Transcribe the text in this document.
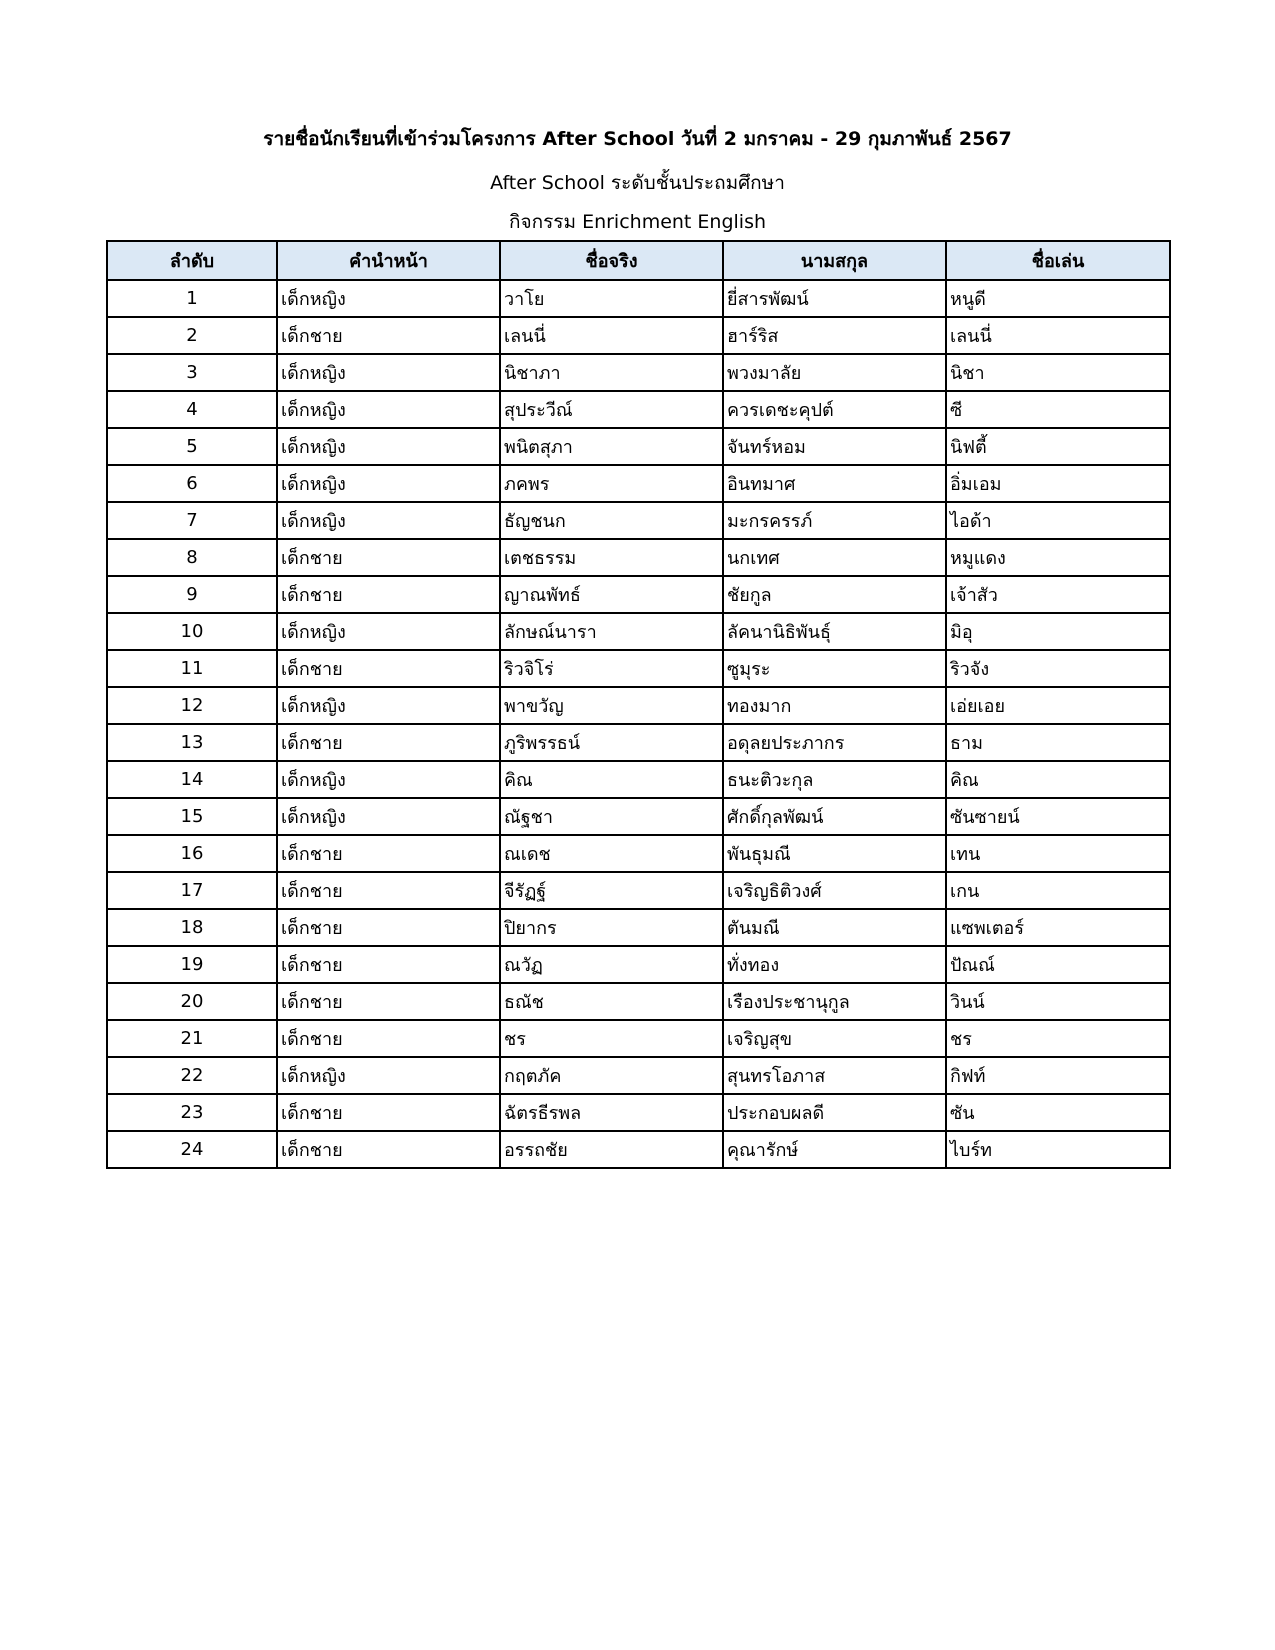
รายชื่อนักเรียนที่เข้าร่วมโครงการ After School วันที่ 2 มกราคม - 29 กุมภาพันธ์ 2567
After School ระดับชั้นประถมศึกษา
กิจกรรม Enrichment English
ลำดับ	คำนำหน้า	ชื่อจริง	นามสกุล	ชื่อเล่น
1	เด็กหญิง	วาโย	ยี่สารพัฒน์	หนูดี
2	เด็กชาย	เลนนี่	ฮาร์ริส	เลนนี่
3	เด็กหญิง	นิชาภา	พวงมาลัย	นิชา
4	เด็กหญิง	สุประวีณ์	ควรเดชะคุปต์	ซี
5	เด็กหญิง	พนิตสุภา	จันทร์หอม	นิฟตี้
6	เด็กหญิง	ภคพร	อินทมาศ	อิ่มเอม
7	เด็กหญิง	ธัญชนก	มะกรครรภ์	ไอด้า
8	เด็กชาย	เตชธรรม	นกเทศ	หมูแดง
9	เด็กชาย	ญาณพัทธ์	ชัยกูล	เจ้าสัว
10	เด็กหญิง	ลักษณ์นารา	ลัคนานิธิพันธุ์	มิอุ
11	เด็กชาย	ริวจิโร่	ซูมุระ	ริวจัง
12	เด็กหญิง	พาขวัญ	ทองมาก	เอ่ยเอย
13	เด็กชาย	ภูริพรรธน์	อดุลยประภากร	ธาม
14	เด็กหญิง	คิณ	ธนะติวะกุล	คิณ
15	เด็กหญิง	ณัฐชา	ศักดิ์กุลพัฒน์	ซันซายน์
16	เด็กชาย	ณเดช	พันธุมณี	เทน
17	เด็กชาย	จีรัฏฐ์	เจริญธิติวงศ์	เกน
18	เด็กชาย	ปิยากร	ตันมณี	แซพเตอร์
19	เด็กชาย	ณวัฏ	ทั่งทอง	ปัณณ์
20	เด็กชาย	ธณัช	เรืองประชานุกูล	วินน์
21	เด็กชาย	ชร	เจริญสุข	ชร
22	เด็กหญิง	กฤตภัค	สุนทรโอภาส	กิฟท์
23	เด็กชาย	ฉัตรธีรพล	ประกอบผลดี	ซัน
24	เด็กชาย	อรรถชัย	คุณารักษ์	ไบร์ท
